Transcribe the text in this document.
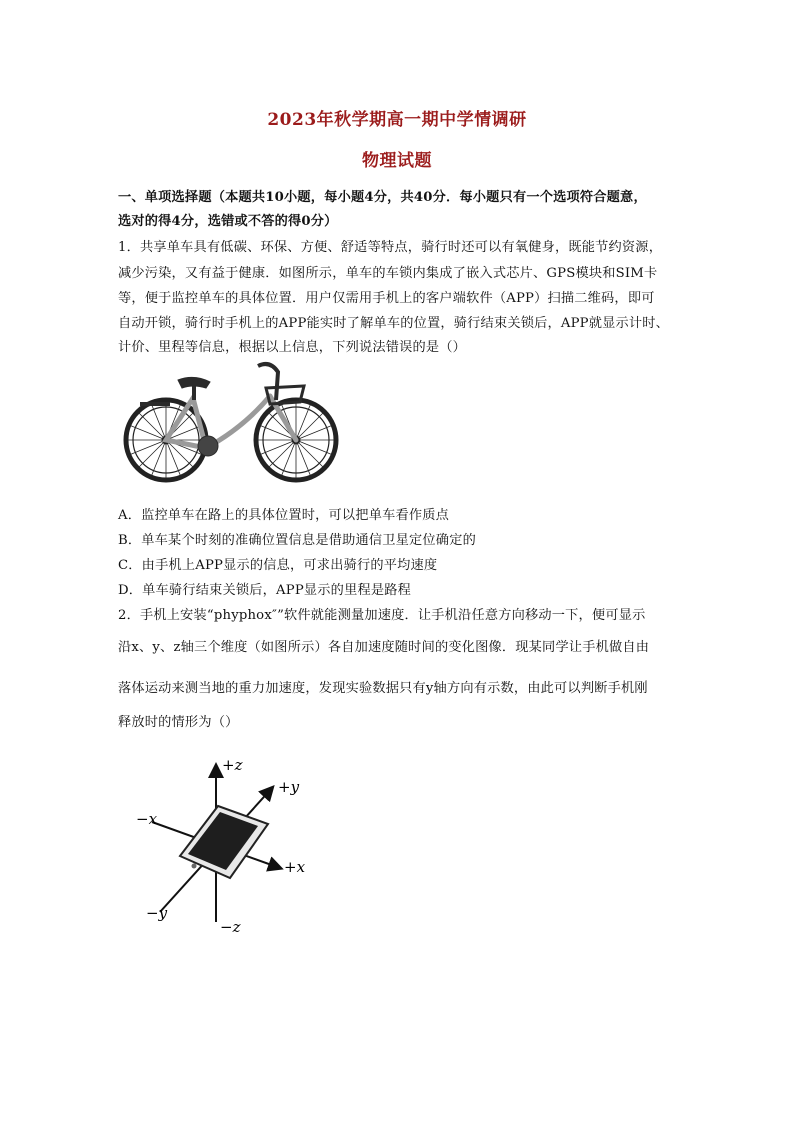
2023年秋学期高一期中学情调研
物理试题
一、单项选择题（本题共10小题，每小题4分，共40分．每小题只有一个选项符合题意，
选对的得4分，选错或不答的得0分）
1．共享单车具有低碳、环保、方便、舒适等特点，骑行时还可以有氧健身，既能节约资源，
减少污染，又有益于健康．如图所示，单车的车锁内集成了嵌入式芯片、GPS模块和SIM卡
等，便于监控单车的具体位置．用户仅需用手机上的客户端软件（APP）扫描二维码，即可
自动开锁，骑行时手机上的APP能实时了解单车的位置，骑行结束关锁后，APP就显示计时、
计价、里程等信息，根据以上信息，下列说法错误的是（）
A．监控单车在路上的具体位置时，可以把单车看作质点
B．单车某个时刻的准确位置信息是借助通信卫星定位确定的
C．由手机上APP显示的信息，可求出骑行的平均速度
D．单车骑行结束关锁后，APP显示的里程是路程
2．手机上安装“phyphox″”软件就能测量加速度．让手机沿任意方向移动一下，便可显示
沿x、y、z轴三个维度（如图所示）各自加速度随时间的变化图像．现某同学让手机做自由
落体运动来测当地的重力加速度，发现实验数据只有y轴方向有示数，由此可以判断手机刚
释放时的情形为（）
+z
+y
−x
+x
−y
−z
